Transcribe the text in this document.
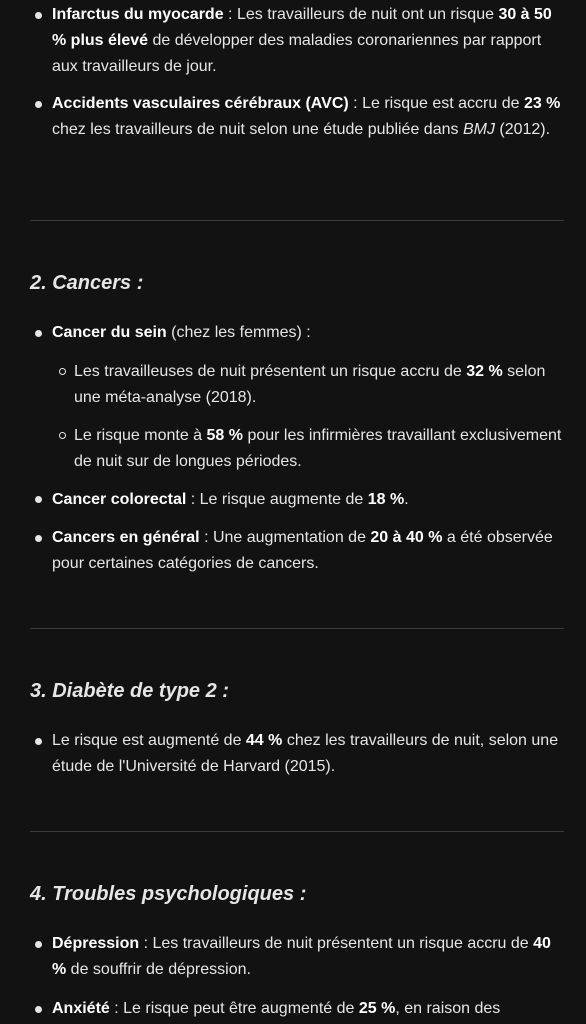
Infarctus du myocarde : Les travailleurs de nuit ont un risque 30 à 50 % plus élevé de développer des maladies coronariennes par rapport aux travailleurs de jour.
Accidents vasculaires cérébraux (AVC) : Le risque est accru de 23 % chez les travailleurs de nuit selon une étude publiée dans BMJ (2012).
2. Cancers :
Cancer du sein (chez les femmes) :
Les travailleuses de nuit présentent un risque accru de 32 % selon une méta-analyse (2018).
Le risque monte à 58 % pour les infirmières travaillant exclusivement de nuit sur de longues périodes.
Cancer colorectal : Le risque augmente de 18 %.
Cancers en général : Une augmentation de 20 à 40 % a été observée pour certaines catégories de cancers.
3. Diabète de type 2 :
Le risque est augmenté de 44 % chez les travailleurs de nuit, selon une étude de l'Université de Harvard (2015).
4. Troubles psychologiques :
Dépression : Les travailleurs de nuit présentent un risque accru de 40 % de souffrir de dépression.
Anxiété : Le risque peut être augmenté de 25 %, en raison des
